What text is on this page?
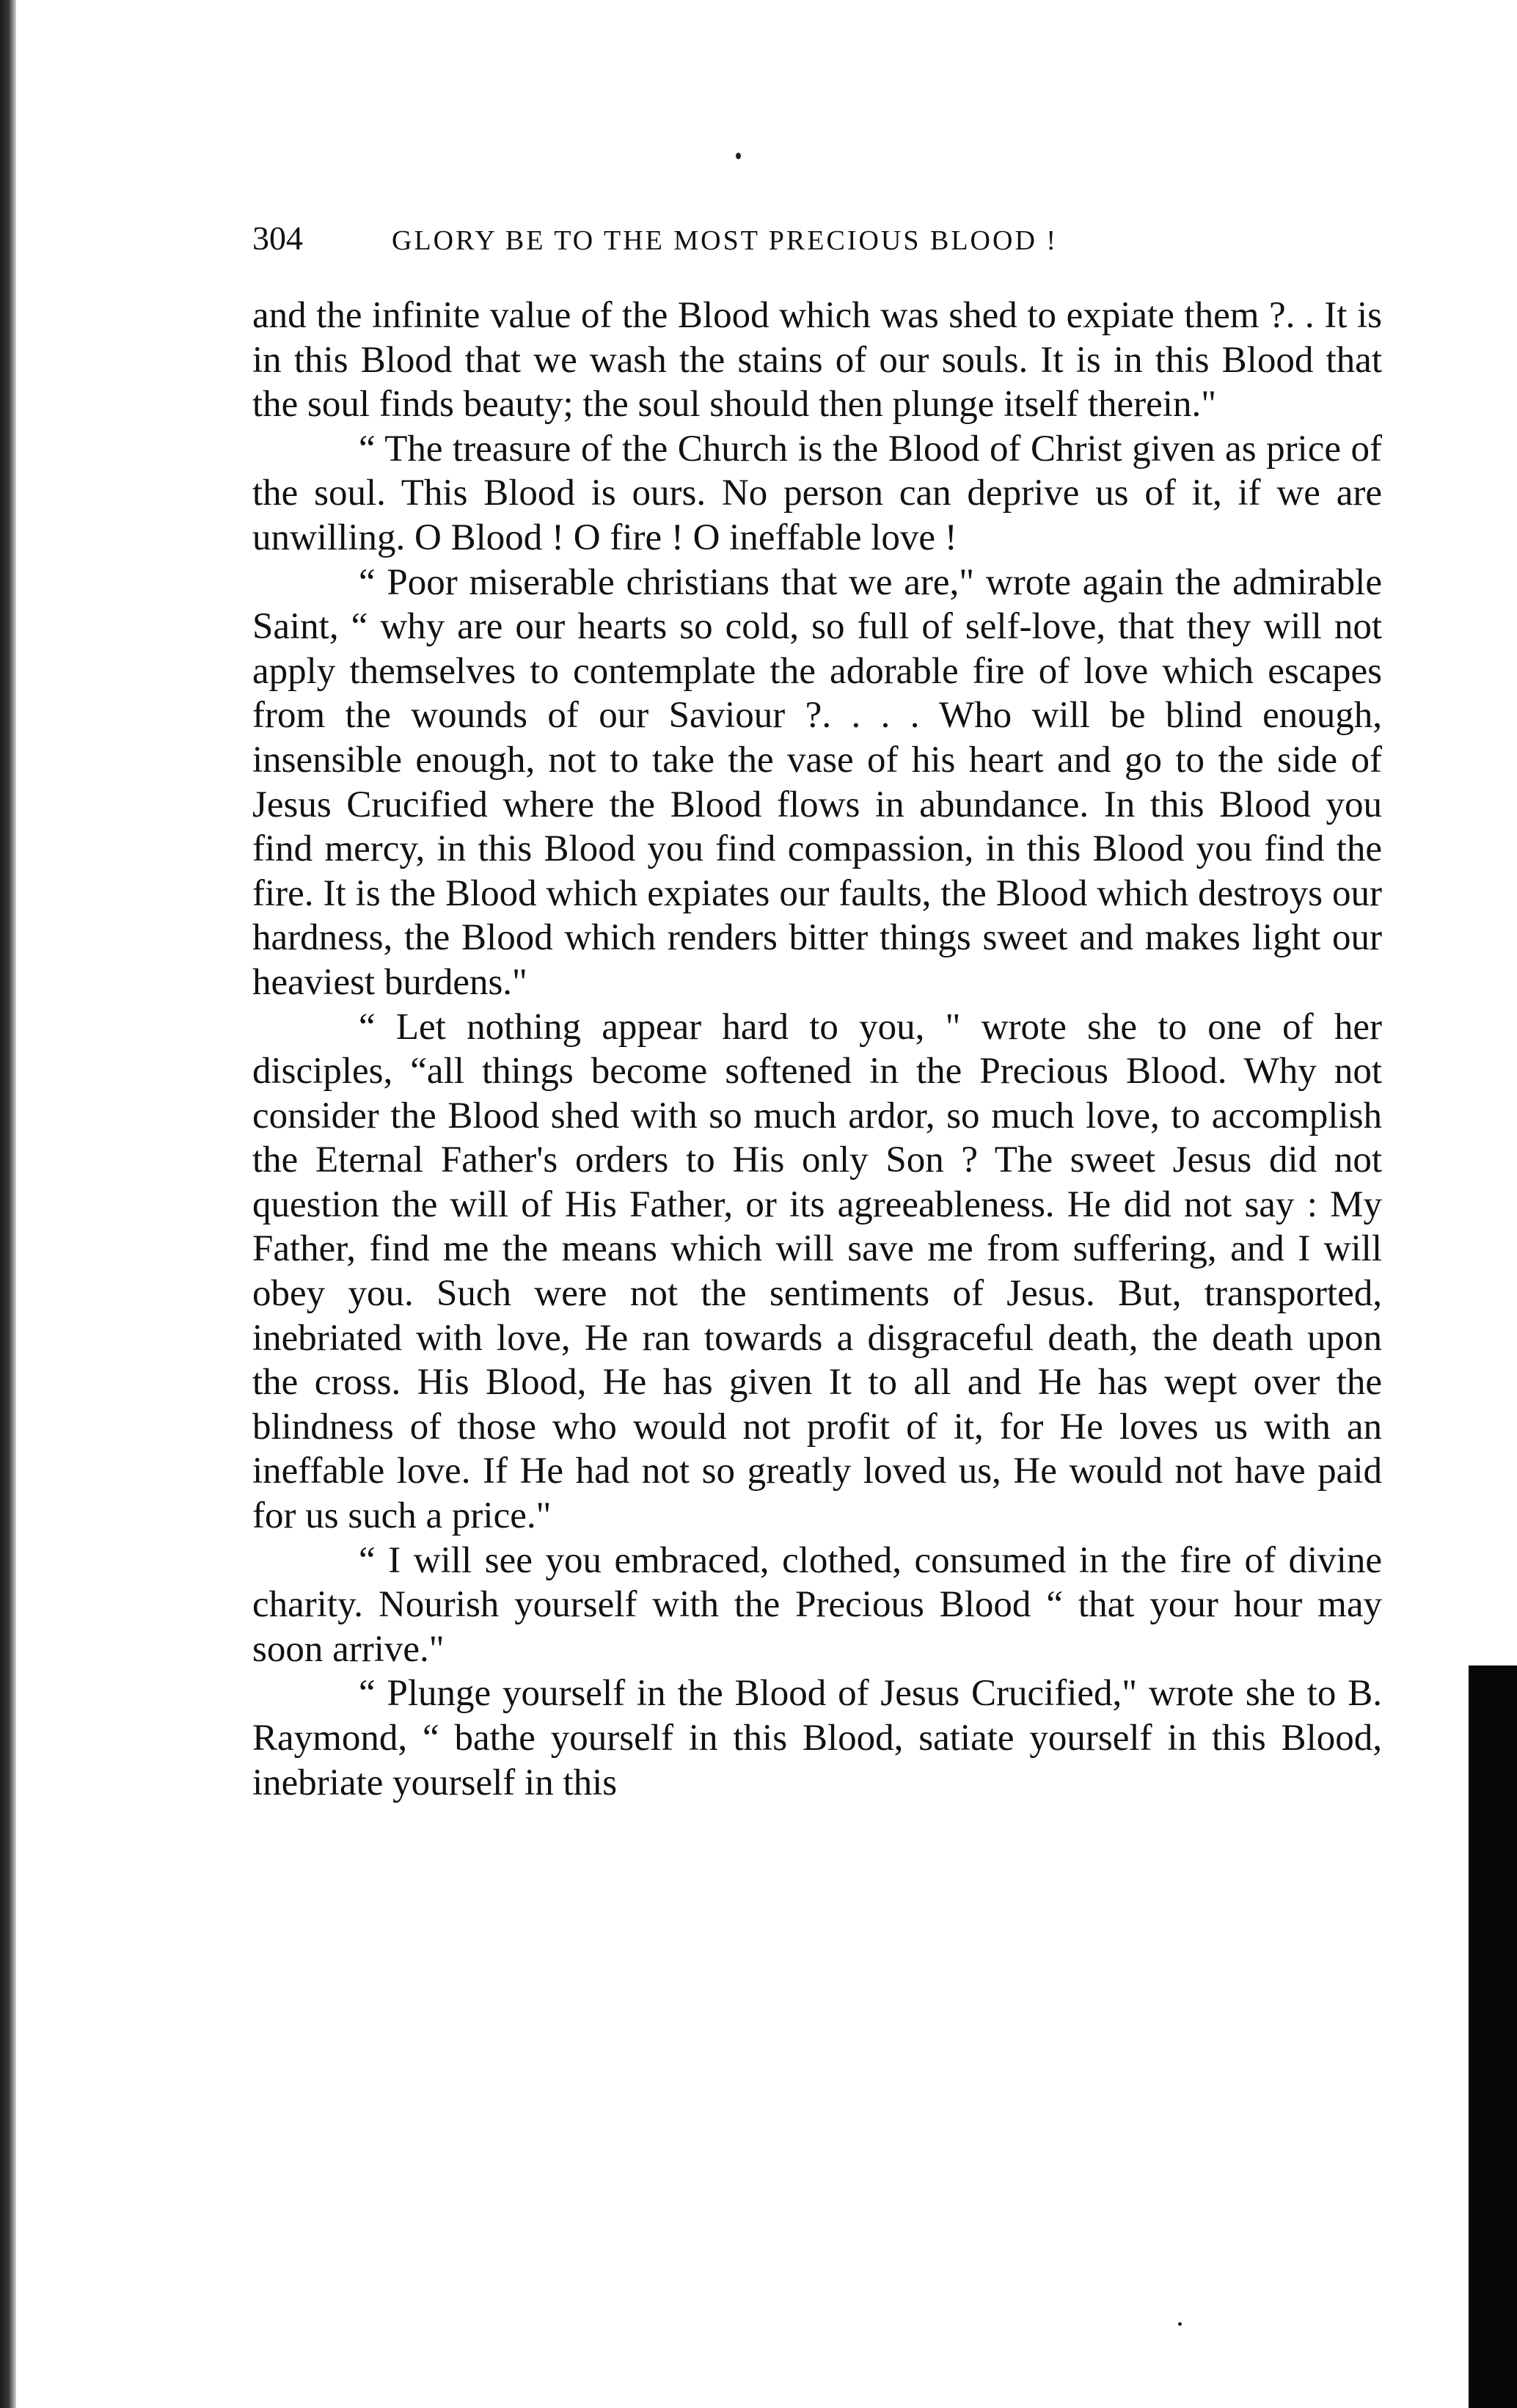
304	GLORY BE TO THE MOST PRECIOUS BLOOD !

and the infinite value of the Blood which was shed to expiate them ?. . It is in this Blood that we wash the stains of our souls. It is in this Blood that the soul finds beauty; the soul should then plunge itself therein."

“ The treasure of the Church is the Blood of Christ given as price of the soul. This Blood is ours. No person can deprive us of it, if we are unwilling. O Blood ! O fire ! O ineffable love !

“ Poor miserable christians that we are," wrote again the admirable Saint, “ why are our hearts so cold, so full of self-love, that they will not apply themselves to contemplate the adorable fire of love which escapes from the wounds of our Saviour ?. . . . Who will be blind enough, insensible enough, not to take the vase of his heart and go to the side of Jesus Crucified where the Blood flows in abundance. In this Blood you find mercy, in this Blood you find compassion, in this Blood you find the fire. It is the Blood which expiates our faults, the Blood which destroys our hardness, the Blood which renders bitter things sweet and makes light our heaviest burdens."

“ Let nothing appear hard to you, " wrote she to one of her disciples, “all things become softened in the Precious Blood. Why not consider the Blood shed with so much ardor, so much love, to accomplish the Eternal Father's orders to His only Son ? The sweet Jesus did not question the will of His Father, or its agreeableness. He did not say : My Father, find me the means which will save me from suffering, and I will obey you. Such were not the sentiments of Jesus. But, transported, inebriated with love, He ran towards a disgraceful death, the death upon the cross. His Blood, He has given It to all and He has wept over the blindness of those who would not profit of it, for He loves us with an ineffable love. If He had not so greatly loved us, He would not have paid for us such a price."

“ I will see you embraced, clothed, consumed in the fire of divine charity. Nourish yourself with the Precious Blood “ that your hour may soon arrive."

“ Plunge yourself in the Blood of Jesus Crucified," wrote she to B. Raymond, “ bathe yourself in this Blood, satiate yourself in this Blood, inebriate yourself in this
